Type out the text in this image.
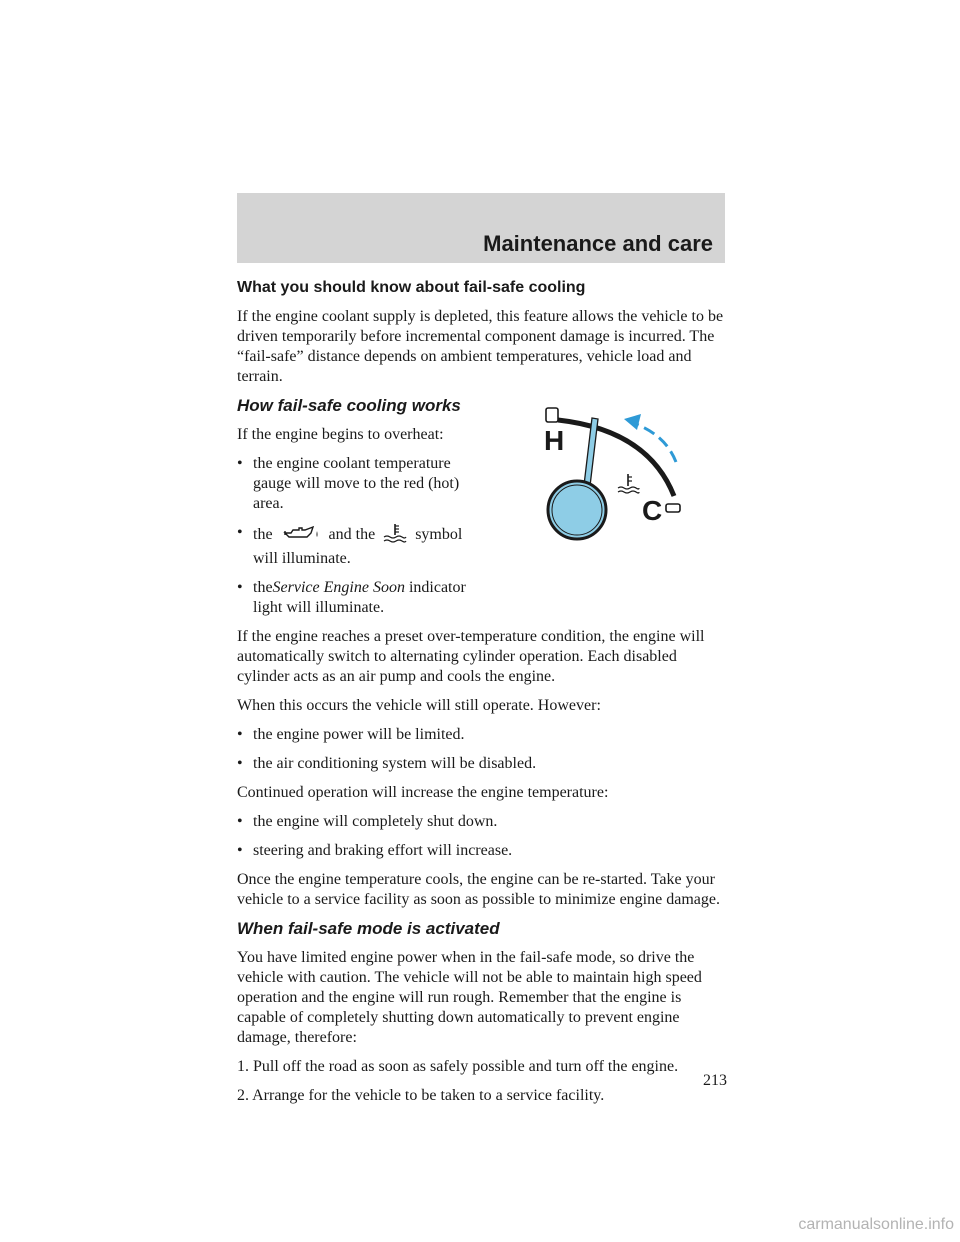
Maintenance and care
What you should know about fail-safe cooling

If the engine coolant supply is depleted, this feature allows the vehicle to be driven temporarily before incremental component damage is incurred. The “fail-safe” distance depends on ambient temperatures, vehicle load and terrain.

How fail-safe cooling works

If the engine begins to overheat:

• the engine coolant temperature gauge will move to the red (hot) area.
• the	and the	symbol will illuminate.
• theService Engine Soon indicator light will illuminate.

If the engine reaches a preset over-temperature condition, the engine will automatically switch to alternating cylinder operation. Each disabled cylinder acts as an air pump and cools the engine.

When this occurs the vehicle will still operate. However:

• the engine power will be limited.
• the air conditioning system will be disabled.

Continued operation will increase the engine temperature:

• the engine will completely shut down.
• steering and braking effort will increase.

Once the engine temperature cools, the engine can be re-started. Take your vehicle to a service facility as soon as possible to minimize engine damage.

When fail-safe mode is activated

You have limited engine power when in the fail-safe mode, so drive the vehicle with caution. The vehicle will not be able to maintain high speed operation and the engine will run rough. Remember that the engine is capable of completely shutting down automatically to prevent engine damage, therefore:

1. Pull off the road as soon as safely possible and turn off the engine.

2. Arrange for the vehicle to be taken to a service facility.

H
C
213
carmanualsonline.info
